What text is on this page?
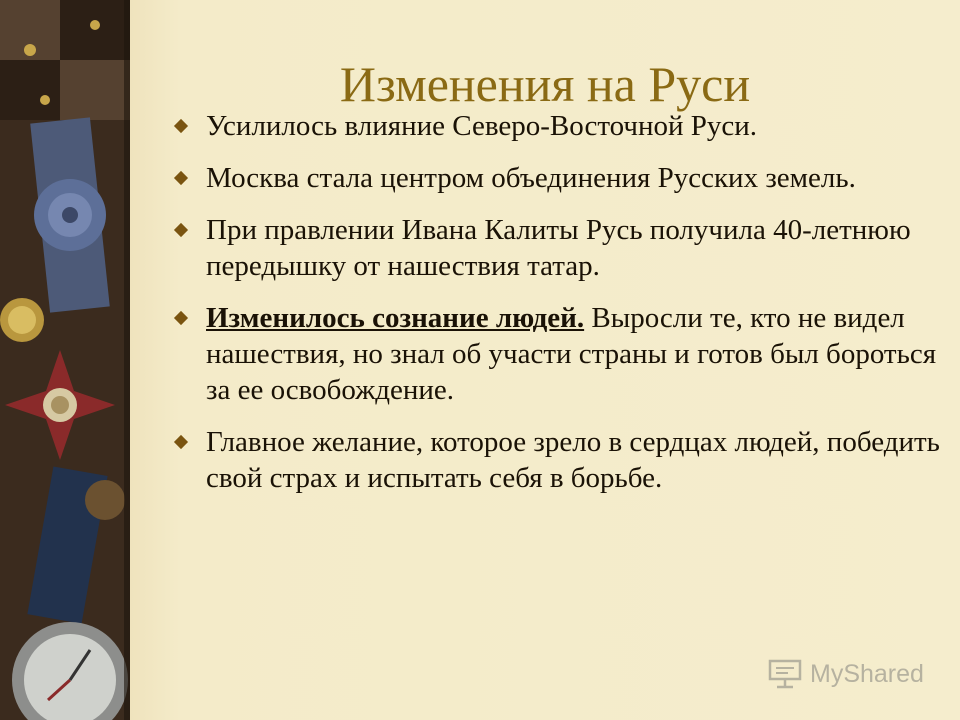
Изменения на Руси
Усилилось влияние Северо-Восточной Руси.
Москва стала центром объединения Русских земель.
При правлении Ивана Калиты Русь получила 40-летнюю передышку от нашествия татар.
Изменилось сознание людей. Выросли те, кто не видел нашествия, но знал об участи страны и готов был бороться за ее освобождение.
Главное желание, которое зрело в сердцах людей, победить свой страх и испытать себя в борьбе.
MyShared
